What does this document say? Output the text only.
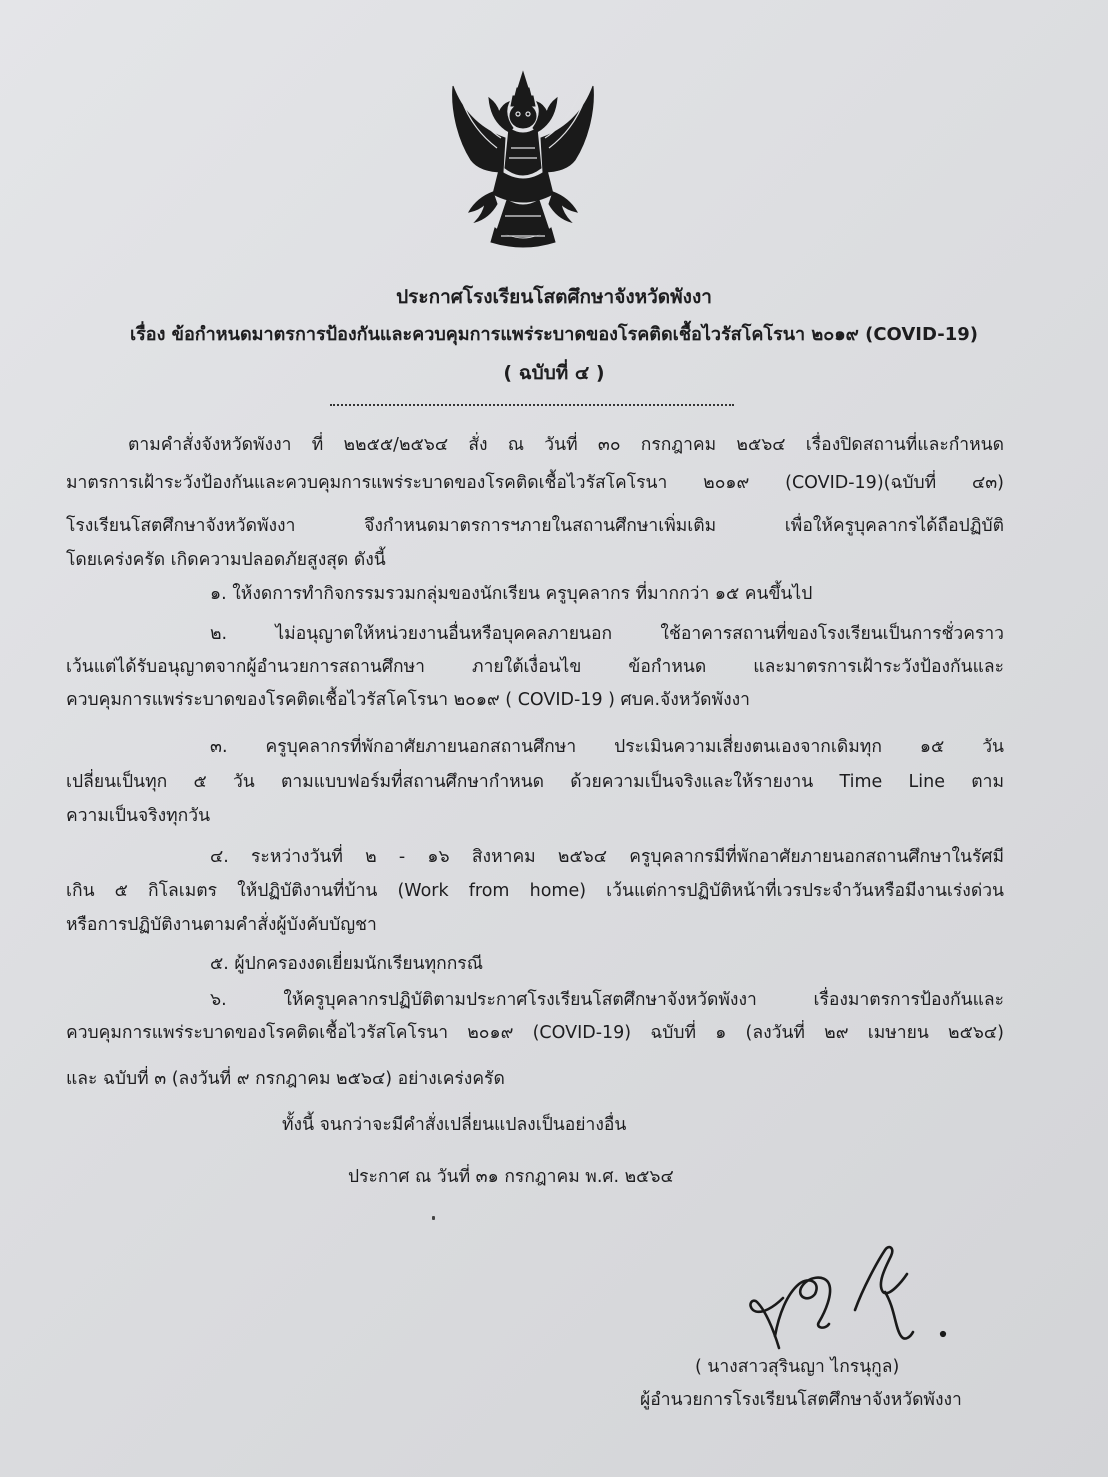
ประกาศโรงเรียนโสตศึกษาจังหวัดพังงา
เรื่อง ข้อกำหนดมาตรการป้องกันและควบคุมการแพร่ระบาดของโรคติดเชื้อไวรัสโคโรนา ๒๐๑๙ (COVID-19)
( ฉบับที่ ๔ )
ตามคำสั่งจังหวัดพังงา ที่ ๒๒๕๕/๒๕๖๔ สั่ง ณ วันที่ ๓๐ กรกฎาคม ๒๕๖๔ เรื่องปิดสถานที่และกำหนด
มาตรการเฝ้าระวังป้องกันและควบคุมการแพร่ระบาดของโรคติดเชื้อไวรัสโคโรนา ๒๐๑๙ (COVID-19)(ฉบับที่ ๔๓)
โรงเรียนโสตศึกษาจังหวัดพังงา จึงกำหนดมาตรการฯภายในสถานศึกษาเพิ่มเติม เพื่อให้ครูบุคลากรได้ถือปฏิบัติ
โดยเคร่งครัด เกิดความปลอดภัยสูงสุด ดังนี้
๑. ให้งดการทำกิจกรรมรวมกลุ่มของนักเรียน ครูบุคลากร ที่มากกว่า ๑๕ คนขึ้นไป
๒. ไม่อนุญาตให้หน่วยงานอื่นหรือบุคคลภายนอก ใช้อาคารสถานที่ของโรงเรียนเป็นการชั่วคราว
เว้นแต่ได้รับอนุญาตจากผู้อำนวยการสถานศึกษา ภายใต้เงื่อนไข ข้อกำหนด และมาตรการเฝ้าระวังป้องกันและ
ควบคุมการแพร่ระบาดของโรคติดเชื้อไวรัสโคโรนา ๒๐๑๙ ( COVID-19 ) ศบค.จังหวัดพังงา
๓. ครูบุคลากรที่พักอาศัยภายนอกสถานศึกษา ประเมินความเสี่ยงตนเองจากเดิมทุก ๑๕ วัน
เปลี่ยนเป็นทุก ๕ วัน ตามแบบฟอร์มที่สถานศึกษากำหนด ด้วยความเป็นจริงและให้รายงาน Time Line ตาม
ความเป็นจริงทุกวัน
๔. ระหว่างวันที่ ๒ - ๑๖ สิงหาคม ๒๕๖๔ ครูบุคลากรมีที่พักอาศัยภายนอกสถานศึกษาในรัศมี
เกิน ๕ กิโลเมตร ให้ปฏิบัติงานที่บ้าน (Work from home) เว้นแต่การปฏิบัติหน้าที่เวรประจำวันหรือมีงานเร่งด่วน
หรือการปฏิบัติงานตามคำสั่งผู้บังคับบัญชา
๕. ผู้ปกครองงดเยี่ยมนักเรียนทุกกรณี
๖. ให้ครูบุคลากรปฏิบัติตามประกาศโรงเรียนโสตศึกษาจังหวัดพังงา เรื่องมาตรการป้องกันและ
ควบคุมการแพร่ระบาดของโรคติดเชื้อไวรัสโคโรนา ๒๐๑๙ (COVID-19) ฉบับที่ ๑ (ลงวันที่ ๒๙ เมษายน ๒๕๖๔)
และ ฉบับที่ ๓ (ลงวันที่ ๙ กรกฎาคม ๒๕๖๔) อย่างเคร่งครัด
ทั้งนี้ จนกว่าจะมีคำสั่งเปลี่ยนแปลงเป็นอย่างอื่น
ประกาศ ณ วันที่ ๓๑ กรกฎาคม พ.ศ. ๒๕๖๔
( นางสาวสุรินญา ไกรนุกูล)
ผู้อำนวยการโรงเรียนโสตศึกษาจังหวัดพังงา
